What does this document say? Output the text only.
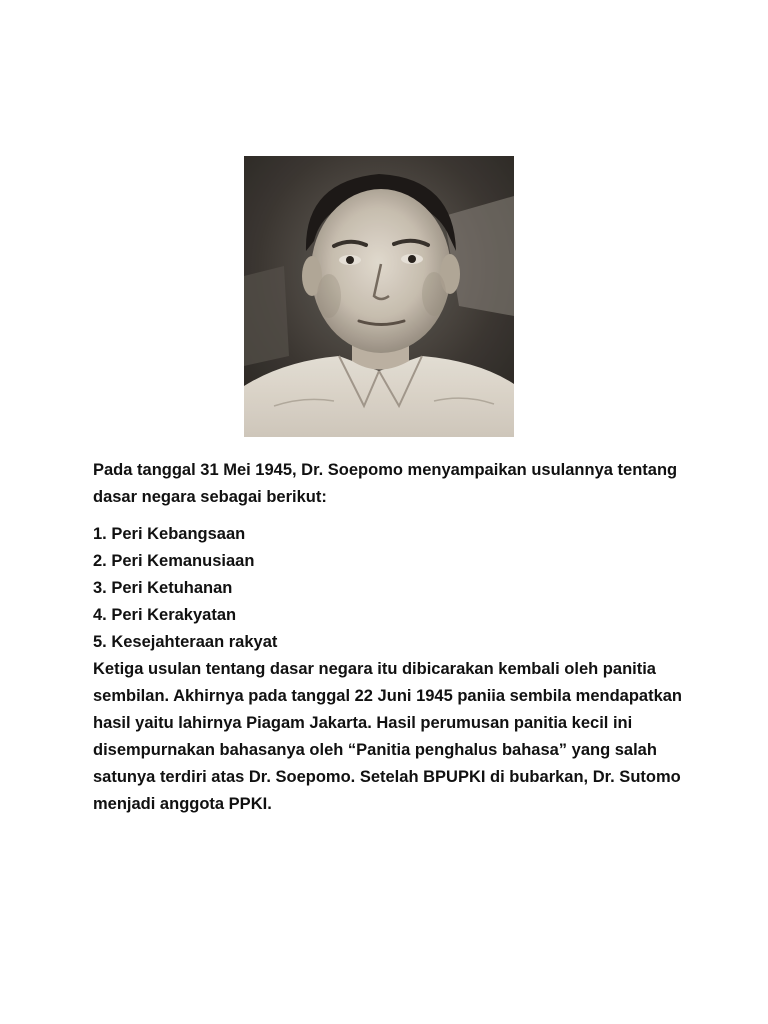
Pada tanggal 31 Mei 1945, Dr. Soepomo menyampaikan usulannya tentang dasar negara sebagai berikut:

1. Peri Kebangsaan
2. Peri Kemanusiaan
3. Peri Ketuhanan
4. Peri Kerakyatan
5. Kesejahteraan rakyat

Ketiga usulan tentang dasar negara itu dibicarakan kembali oleh panitia sembilan. Akhirnya pada tanggal 22 Juni 1945 paniia sembila mendapatkan hasil yaitu lahirnya Piagam Jakarta. Hasil perumusan panitia kecil ini disempurnakan bahasanya oleh “Panitia penghalus bahasa” yang salah satunya terdiri atas Dr. Soepomo. Setelah BPUPKI di bubarkan, Dr. Sutomo menjadi anggota PPKI.
